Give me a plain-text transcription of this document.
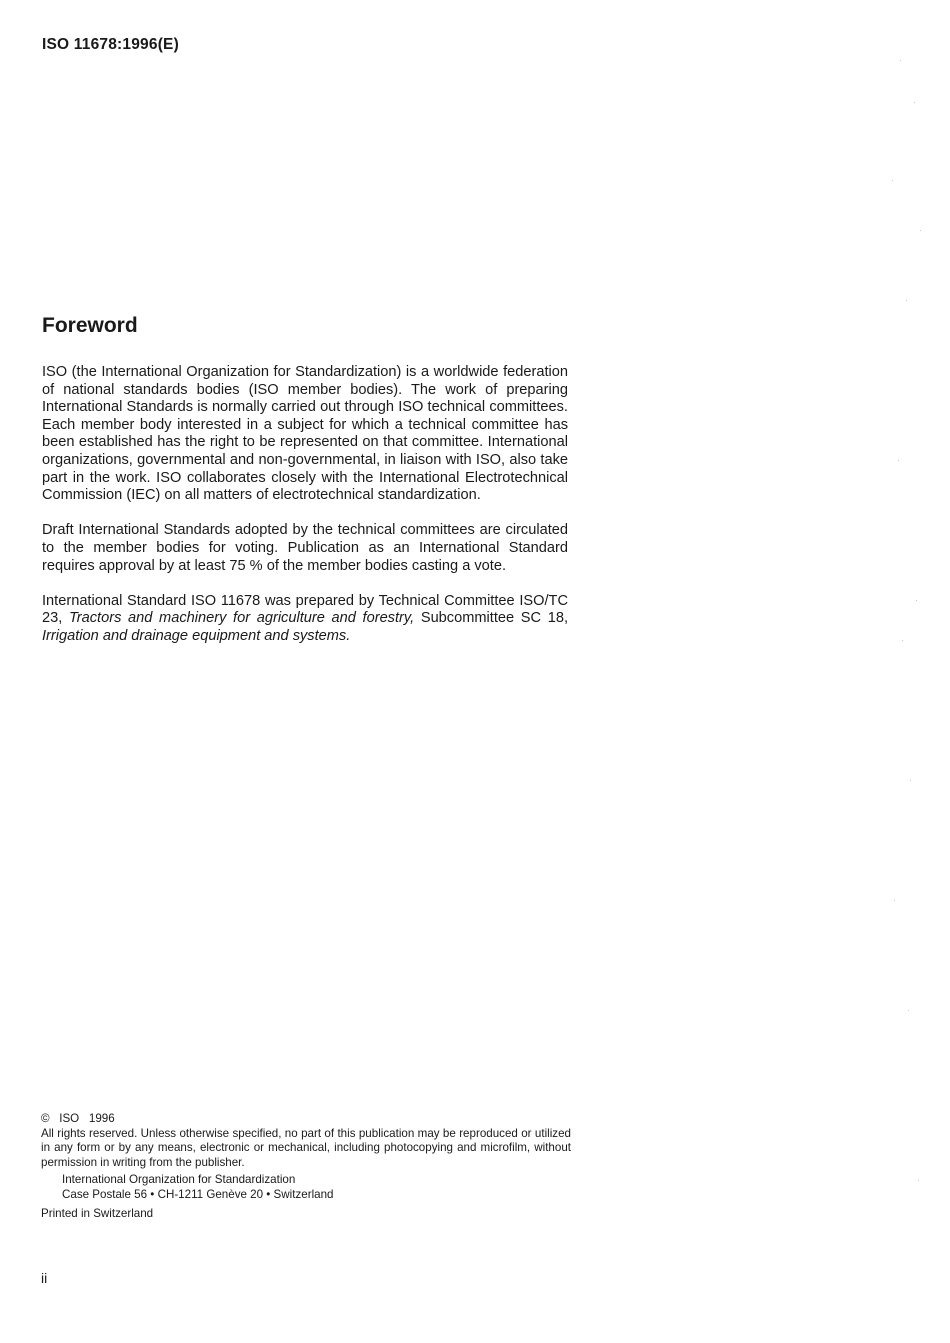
ISO 11678:1996(E)
Foreword

ISO (the International Organization for Standardization) is a worldwide federation of national standards bodies (ISO member bodies). The work of preparing International Standards is normally carried out through ISO technical committees. Each member body interested in a subject for which a technical committee has been established has the right to be represented on that committee. International organizations, governmental and non-governmental, in liaison with ISO, also take part in the work. ISO collaborates closely with the International Electrotechnical Commission (IEC) on all matters of electrotechnical standardization.

Draft International Standards adopted by the technical committees are circulated to the member bodies for voting. Publication as an International Standard requires approval by at least 75 % of the member bodies casting a vote.

International Standard ISO 11678 was prepared by Technical Committee ISO/TC 23, Tractors and machinery for agriculture and forestry, Subcommittee SC 18, Irrigation and drainage equipment and systems.

© ISO 1996
All rights reserved. Unless otherwise specified, no part of this publication may be reproduced or utilized in any form or by any means, electronic or mechanical, including photocopying and microfilm, without permission in writing from the publisher.
International Organization for Standardization
Case Postale 56 • CH-1211 Genève 20 • Switzerland
Printed in Switzerland
ii
